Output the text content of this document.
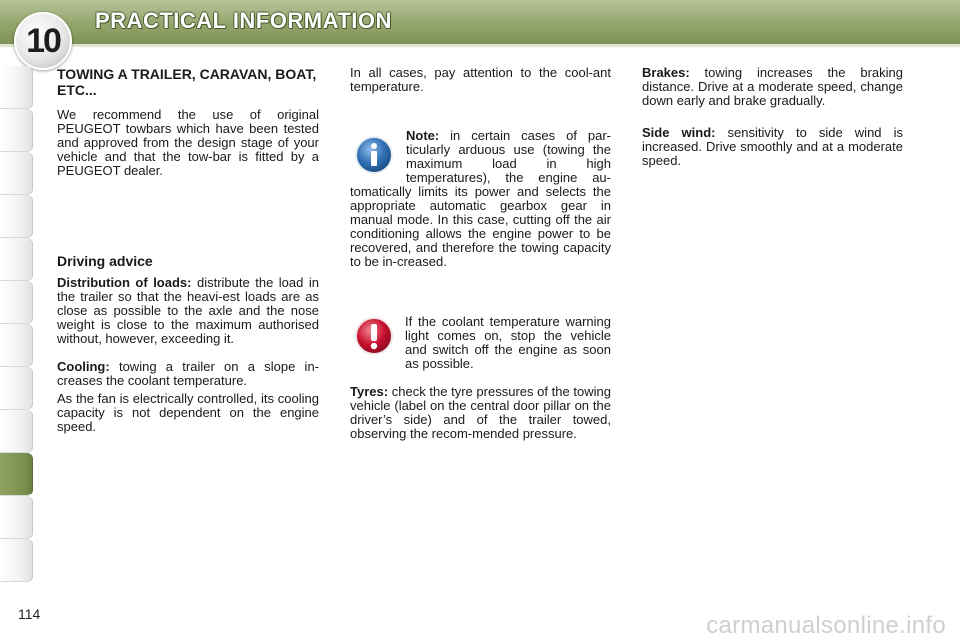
10
PRACTICAL INFORMATION
TOWING A TRAILER, CARAVAN, BOAT, ETC...

We recommend the use of original PEUGEOT towbars which have been tested and approved from the design stage of your vehicle and that the tow-bar is fitted by a PEUGEOT dealer.

Driving advice

Distribution of loads: distribute the load in the trailer so that the heavi-est loads are as close as possible to the axle and the nose weight is close to the maximum authorised without, however, exceeding it.

Cooling: towing a trailer on a slope in-creases the coolant temperature.

As the fan is electrically controlled, its cooling capacity is not dependent on the engine speed.

In all cases, pay attention to the cool-ant temperature.

Note: in certain cases of par-ticularly arduous use (towing the maximum load in high temperatures), the engine au-tomatically limits its power and selects the appropriate automatic gearbox gear in manual mode. In this case, cutting off the air conditioning allows the engine power to be recovered, and therefore the towing capacity to be in-creased.
If the coolant temperature warning light comes on, stop the vehicle and switch off the engine as soon as possible.
Tyres: check the tyre pressures of the towing vehicle (label on the central door pillar on the driver’s side) and of the trailer towed, observing the recom-mended pressure.

Brakes: towing increases the braking distance. Drive at a moderate speed, change down early and brake gradually.

Side wind: sensitivity to side wind is increased. Drive smoothly and at a moderate speed.

114	carmanualsonline.info
